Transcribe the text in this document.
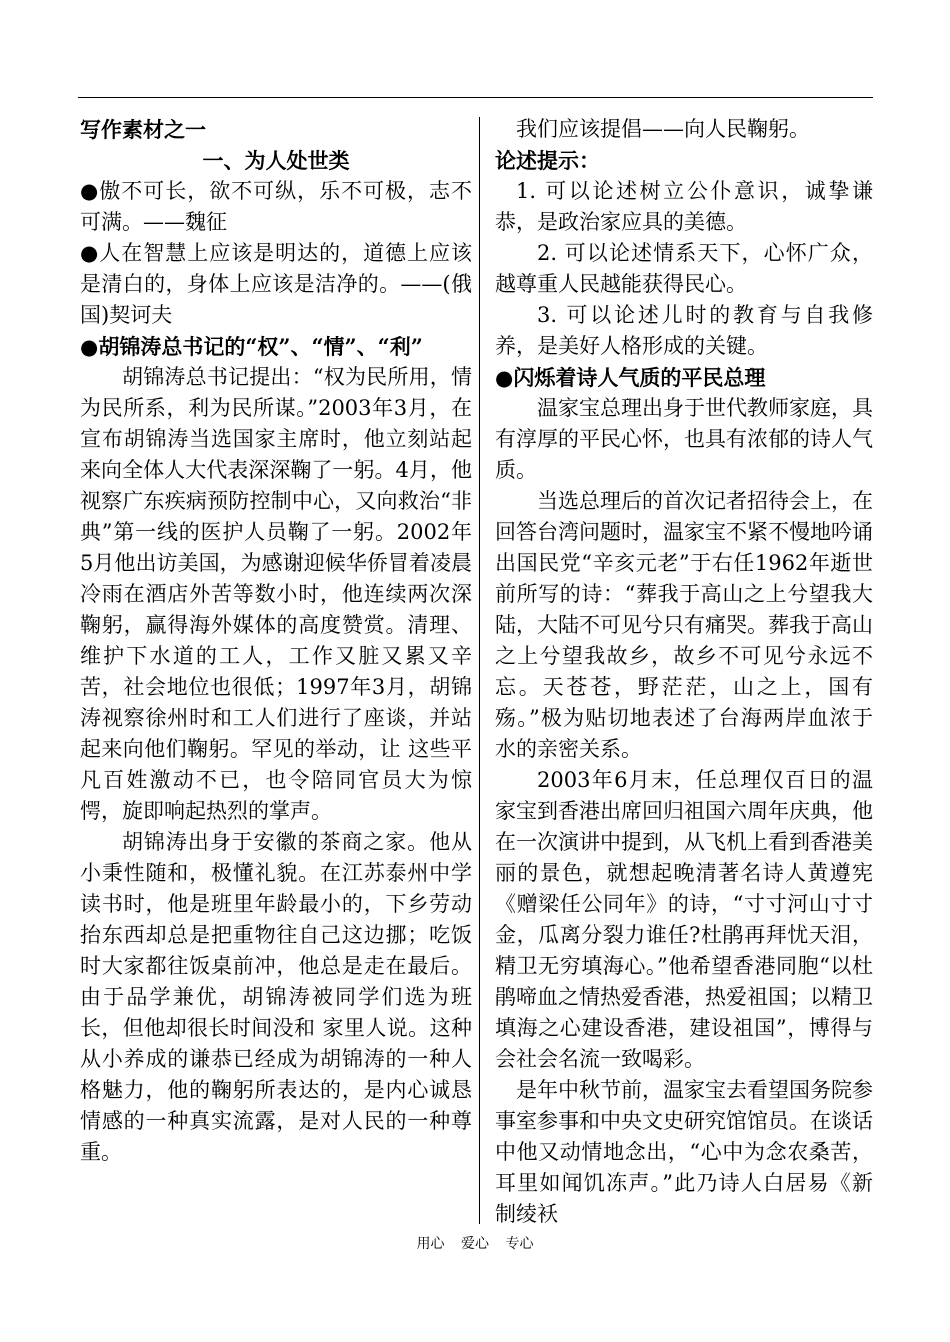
写作素材之一

一、为人处世类

●傲不可长，欲不可纵，乐不可极，志不可满。——魏征

●人在智慧上应该是明达的，道德上应该是清白的，身体上应该是洁净的。——(俄国)契诃夫

●胡锦涛总书记的“权”、“情”、“利”

胡锦涛总书记提出：“权为民所用，情为民所系，利为民所谋。”2003年3月，在宣布胡锦涛当选国家主席时，他立刻站起来向全体人大代表深深鞠了一躬。4月，他视察广东疾病预防控制中心，又向救治“非典”第一线的医护人员鞠了一躬。2002年5月他出访美国，为感谢迎候华侨冒着凌晨冷雨在酒店外苦等数小时，他连续两次深鞠躬，赢得海外媒体的高度赞赏。清理、维护下水道的工人，工作又脏又累又辛苦，社会地位也很低；1997年3月，胡锦涛视察徐州时和工人们进行了座谈，并站起来向他们鞠躬。罕见的举动，让 这些平凡百姓激动不已，也令陪同官员大为惊愕，旋即响起热烈的掌声。

胡锦涛出身于安徽的茶商之家。他从小秉性随和，极懂礼貌。在江苏泰州中学读书时，他是班里年龄最小的，下乡劳动抬东西却总是把重物往自己这边挪；吃饭时大家都往饭桌前冲，他总是走在最后。由于品学兼优，胡锦涛被同学们选为班长，但他却很长时间没和 家里人说。这种从小养成的谦恭已经成为胡锦涛的一种人格魅力，他的鞠躬所表达的，是内心诚恳情感的一种真实流露，是对人民的一种尊重。

我们应该提倡——向人民鞠躬。

论述提示：

1. 可以论述树立公仆意识，诚挚谦恭，是政治家应具的美德。

2. 可以论述情系天下，心怀广众，越尊重人民越能获得民心。

3. 可以论述儿时的教育与自我修养，是美好人格形成的关键。

●闪烁着诗人气质的平民总理

温家宝总理出身于世代教师家庭，具有淳厚的平民心怀，也具有浓郁的诗人气质。

当选总理后的首次记者招待会上，在回答台湾问题时，温家宝不紧不慢地吟诵出国民党“辛亥元老”于右任1962年逝世前所写的诗：“葬我于高山之上兮望我大陆，大陆不可见兮只有痛哭。葬我于高山之上兮望我故乡，故乡不可见兮永远不忘。天苍苍，野茫茫，山之上，国有殇。”极为贴切地表述了台海两岸血浓于水的亲密关系。

2003年6月末，任总理仅百日的温家宝到香港出席回归祖国六周年庆典，他在一次演讲中提到，从飞机上看到香港美丽的景色，就想起晚清著名诗人黄遵宪《赠梁任公同年》的诗，“寸寸河山寸寸金，瓜离分裂力谁任?杜鹃再拜忧天泪，精卫无穷填海心。”他希望香港同胞“以杜鹃啼血之情热爱香港，热爱祖国；以精卫填海之心建设香港，建设祖国”，博得与会社会名流一致喝彩。

是年中秋节前，温家宝去看望国务院参事室参事和中央文史研究馆馆员。在谈话中他又动情地念出，“心中为念农桑苦，耳里如闻饥冻声。”此乃诗人白居易《新制绫袄

用心 爱心 专心
